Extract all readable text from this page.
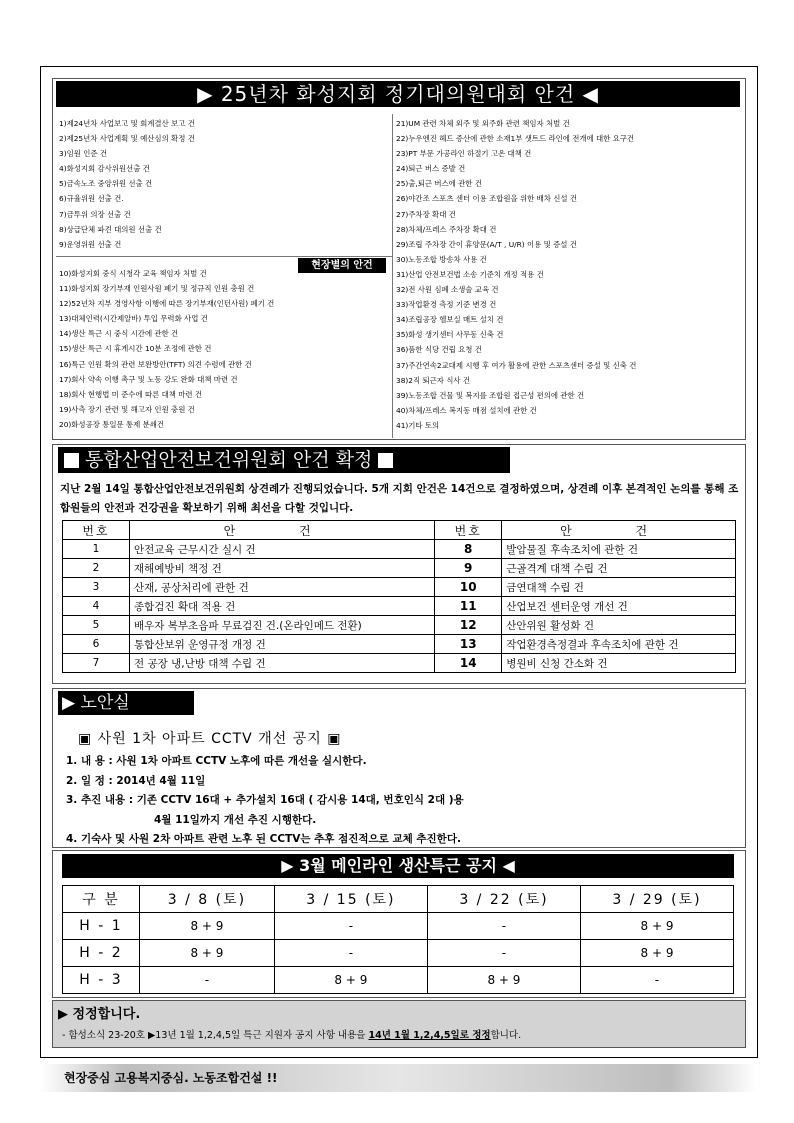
▶ 25년차 화성지회 정기대의원대회 안건 ◀
1)제24년차 사업보고 및 회계결산 보고 건
2)제25년차 사업계획 및 예산심의 확정 건
3)임원 인준 건
4)화성지회 감사위원선출 건
5)금속노조 중앙위원 선출 건
6)규율위원 선출 건.
7)금투위 의장 선출 건
8)상급단체 파견 대의원 선출 건
9)운영위원 선출 건
현장별의 안건
10)화성지회 중식 시청각 교육 책임자 처벌 건
11)화성지회 장기부재 인원사원 폐기 및 정규직 인원 충원 건
12)52년차 지부 경영사항 이행에 따른 장기부재(인턴사원) 폐기 건
13)대체인력(시간제알바) 투입 무력화 사업 건
14)생산 특근 시 중식 시간에 관한 건
15)생산 특근 시 휴게시간 10분 조정에 관한 건
16)특근 인원 확의 관련 보완방안(TFT) 의견 수렴에 관한 건
17)회사 약속 이행 촉구 및 노동 강도 완화 대책 마련 건
18)회사 현행법 미 준수에 따른 대책 마련 건
19)사측 장기 관련 및 해고자 인원 충원 건
20)화성공장 통일문 통제 분쇄건
21)UM 관련 차체 외주 및 외주화 관련 책임자 처벌 건
22)누우엔진 헤드 증산에 관한 소재1부 샛트드 라인에 전개에 대한 요구건
23)PT 부문 가공라인 하절기 고온 대책 건
24)퇴근 버스 증발 건
25)출,퇴근 버스에 관한 건
26)야간조 스포츠 센터 이용 조합원을 위한 배차 신설 건
27)주차장 확대 건
28)차체/프레스 주차장 확대 건
29)조립 주차장 간이 휴양문(A/T , U/R) 이용 및 증설 건
30)노동조합 방송차 사용 건
31)산업 안전보건법 소송 기준치 개정 적용 건
32)전 사원 심폐 소생술 교육 건
33)작업환경 측정 기준 변경 건
34)조립공장 헬보실 매트 설치 건
35)화성 생기센터 사무동 신축 건
36)품한 식당 건립 요청 건
37)주간연속2교대제 시행 후 여가 활용에 관한 스포츠센터 증설 및 신축 건
38)2직 퇴근자 식사 건
39)노동조합 건물 및 복지를 조합원 접근성 편의에 관한 건
40)차체/프레스 복지동 매점 설치에 관한 건
41)기타 토의
통합산업안전보건위원회 안건 확정
지난 2월 14일 통합산업안전보건위원회 상견례가 진행되었습니다. 5개 지회 안건은 14건으로 결정하였으며, 상견례 이후 본격적인 논의를 통해 조합원들의 안전과 건강권을 확보하기 위해 최선을 다할 것입니다.
번호	안 건	번호	안 건
1	안전교육 근무시간 실시 건	8	발암물질 후속조치에 관한 건
2	재해예방비 책정 건	9	근골격계 대책 수립 건
3	산재, 공상처리에 관한 건	10	금연대책 수립 건
4	종합검진 확대 적용 건	11	산업보건 센터운영 개선 건
5	배우자 복부초음파 무료검진 건.(온라인메드 전환)	12	산안위원 활성화 건
6	통합산보위 운영규정 개정 건	13	작업환경측정결과 후속조치에 관한 건
7	전 공장 냉,난방 대책 수립 건	14	병원비 신청 간소화 건
▶ 노안실
▣ 사원 1차 아파트 CCTV 개선 공지 ▣
1. 내 용 : 사원 1차 아파트 CCTV 노후에 따른 개선을 실시한다.
2. 일 정 : 2014년 4월 11일
3. 추진 내용 : 기존 CCTV 16대 + 추가설치 16대 ( 감시용 14대, 번호인식 2대 )용
4월 11일까지 개선 추진 시행한다.
4. 기숙사 및 사원 2차 아파트 관련 노후 된 CCTV는 추후 점진적으로 교체 추진한다.
▶ 3월 메인라인 생산특근 공지 ◀
구 분	3 / 8 (토)	3 / 15 (토)	3 / 22 (토)	3 / 29 (토)
H - 1	8 + 9	-	-	8 + 9
H - 2	8 + 9	-	-	8 + 9
H - 3	-	8 + 9	8 + 9	-
▶ 정정합니다.
- 함성소식 23-20호 ▶13년 1월 1,2,4,5일 특근 지원자 공지 사항 내용을 14년 1월 1,2,4,5일로 정정합니다.
현장중심 고용복지중심. 노동조합건설 !!
